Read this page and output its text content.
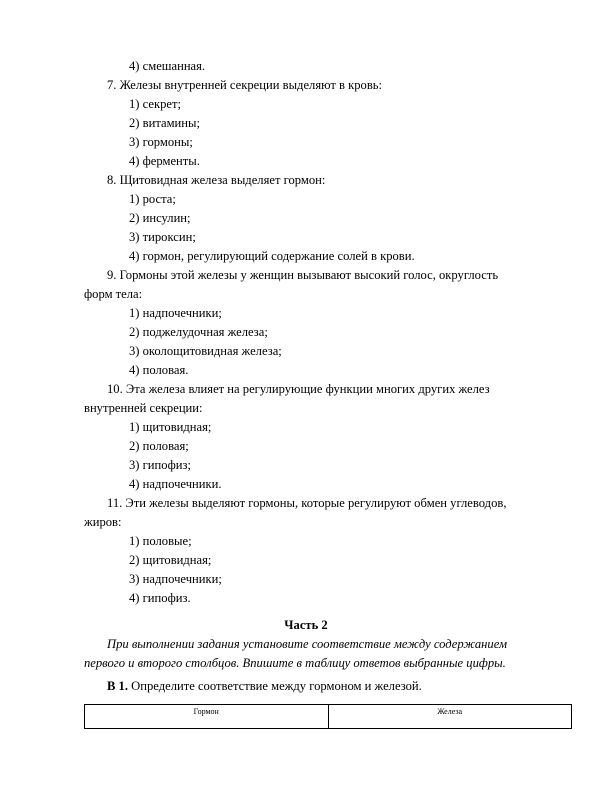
4) смешанная.
7. Железы внутренней секреции выделяют в кровь:
1) секрет;
2) витамины;
3) гормоны;
4) ферменты.
8. Щитовидная железа выделяет гормон:
1) роста;
2) инсулин;
3) тироксин;
4) гормон, регулирующий содержание солей в крови.
9. Гормоны этой железы у женщин вызывают высокий голос, округлость
форм тела:
1) надпочечники;
2) поджелудочная железа;
3) околощитовидная железа;
4) половая.
10. Эта железа влияет на регулирующие функции многих других желез
внутренней секреции:
1) щитовидная;
2) половая;
3) гипофиз;
4) надпочечники.
11. Эти железы выделяют гормоны, которые регулируют обмен углеводов,
жиров:
1) половые;
2) щитовидная;
3) надпочечники;
4) гипофиз.
Часть 2
При выполнении задания установите соответствие между содержанием
первого и второго столбцов. Впишите в таблицу ответов выбранные цифры.
В 1. Определите соответствие между гормоном и железой.
Гормон	Железа
